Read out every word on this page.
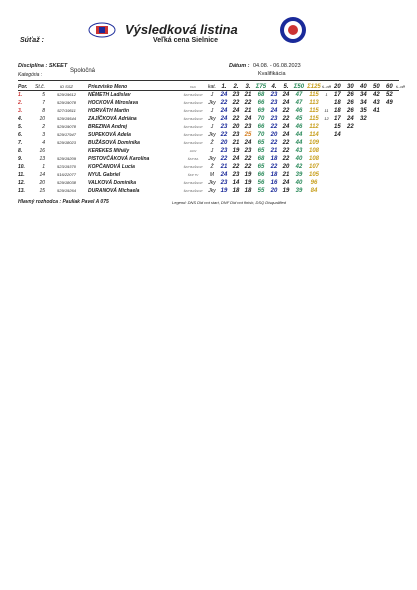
Výsledková listina
Súťaž :	Veľká cena Sielnice
Disciplína : SKEET
Kategória :
Spoločná
Dátum : 04.08. - 06.08.2023
Kvalifikácia
Por.	St.č.	ID SSZ	Priezvisko Meno	Klub	kat.	1.	2.	3.	Σ75	4.	5.	Σ50	Σ125	š.-off	20	30	40	50	60	š.-off
1.	5	529/19612	NÉMETH Ladislav	ŠKP BAŠSOP	J	24	23	21	68	23	24	47	115	1	17	26	34	42	52	
2.	7	529/19078	HOCKOVÁ Miroslava	ŠKP BAŠSOP	Jky	22	22	22	66	23	24	47	113		18	26	34	43	49	
3.	8	527/19511	HORVÁTH Martin	ŠKP BAŠSOP	J	24	24	21	69	24	22	46	115	11	18	26	35	41		
4.	10	529/19544	ZAJÍČKOVÁ Adriána	ŠKP BAŠSOP	Jky	24	22	24	70	23	22	45	115	12	17	24	32			
5.	2	529/19078	BREZINA Andrej	ŠKP BAŠSOP	J	23	20	23	66	22	24	46	112		15	22				
6.	3	529/17947	SUPEKOVÁ Adela	ŠKP BAŠSOP	Jky	22	23	25	70	20	24	44	114		14					
7.	4	529/18023	BUŽÁSOVÁ Dominika	ŠKP BAŠSOP	Ž	20	21	24	65	22	22	44	109							
8.	16		KEREKES Mihály	HUN	J	23	19	23	65	21	22	43	108							
9.	13	529/19209	PISTOVČÁKOVÁ Karolína	ŠKP BA	Jky	22	24	22	68	18	22	40	108							
10.	1	523/19370	KOPČANOVÁ Lucia	ŠKP BAŠSOP	Ž	21	22	22	65	22	20	42	107							
11.	14	516/22077	NYUL Gabriel	ŠKP TV	M	24	23	19	66	18	21	39	105							
12.	20	529/18038	VALKOVÁ Dominika	ŠKP BAŠSOP	Jky	23	14	19	56	16	24	40	96							
13.	15	529/19264	DURANOVÁ Michaela	ŠKP BAŠSOP	Jky	19	18	18	55	20	19	39	84							
Hlavný rozhodca : Paulíak Pavel A 075	Legend: DNS Did not start, DNF Did not finish, DSQ Disqualified
